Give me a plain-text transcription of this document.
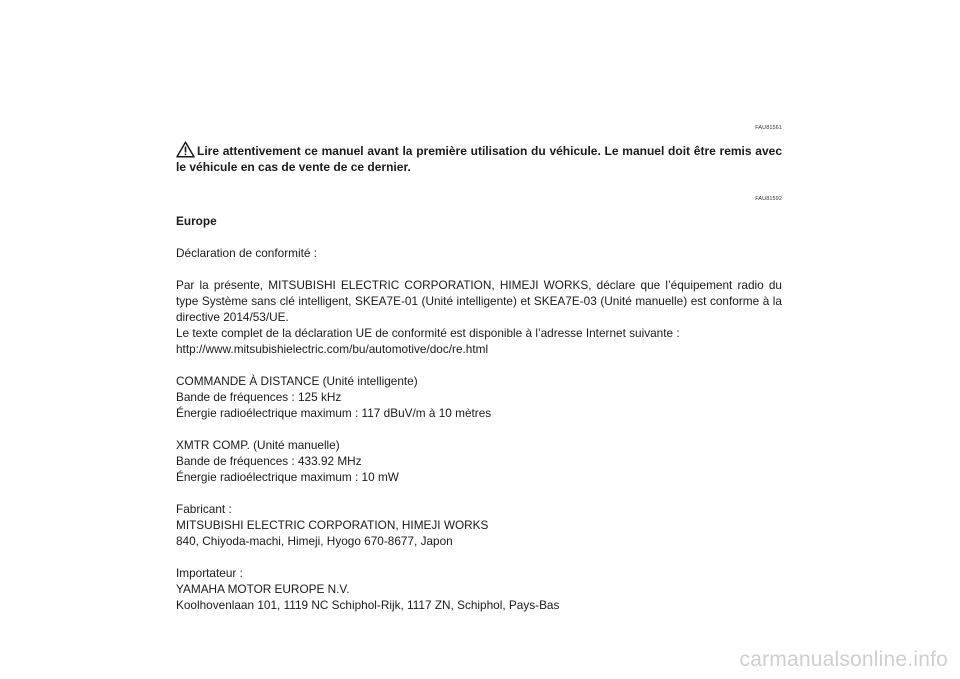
FAU81561
Lire attentivement ce manuel avant la première utilisation du véhicule. Le manuel doit être remis avec le véhicule en cas de vente de ce dernier.
FAU81592

Europe

Déclaration de conformité :

Par la présente, MITSUBISHI ELECTRIC CORPORATION, HIMEJI WORKS, déclare que l’équipement radio du type Système sans clé intelligent, SKEA7E-01 (Unité intelligente) et SKEA7E-03 (Unité manuelle) est conforme à la directive 2014/53/UE.

Le texte complet de la déclaration UE de conformité est disponible à l’adresse Internet suivante :

http://www.mitsubishielectric.com/bu/automotive/doc/re.html

COMMANDE À DISTANCE (Unité intelligente)

Bande de fréquences : 125 kHz

Énergie radioélectrique maximum : 117 dBuV/m à 10 mètres

XMTR COMP. (Unité manuelle)

Bande de fréquences : 433.92 MHz

Énergie radioélectrique maximum : 10 mW

Fabricant :

MITSUBISHI ELECTRIC CORPORATION, HIMEJI WORKS

840, Chiyoda-machi, Himeji, Hyogo 670-8677, Japon

Importateur :

YAMAHA MOTOR EUROPE N.V.

Koolhovenlaan 101, 1119 NC Schiphol-Rijk, 1117 ZN, Schiphol, Pays-Bas

carmanualsonline.info
